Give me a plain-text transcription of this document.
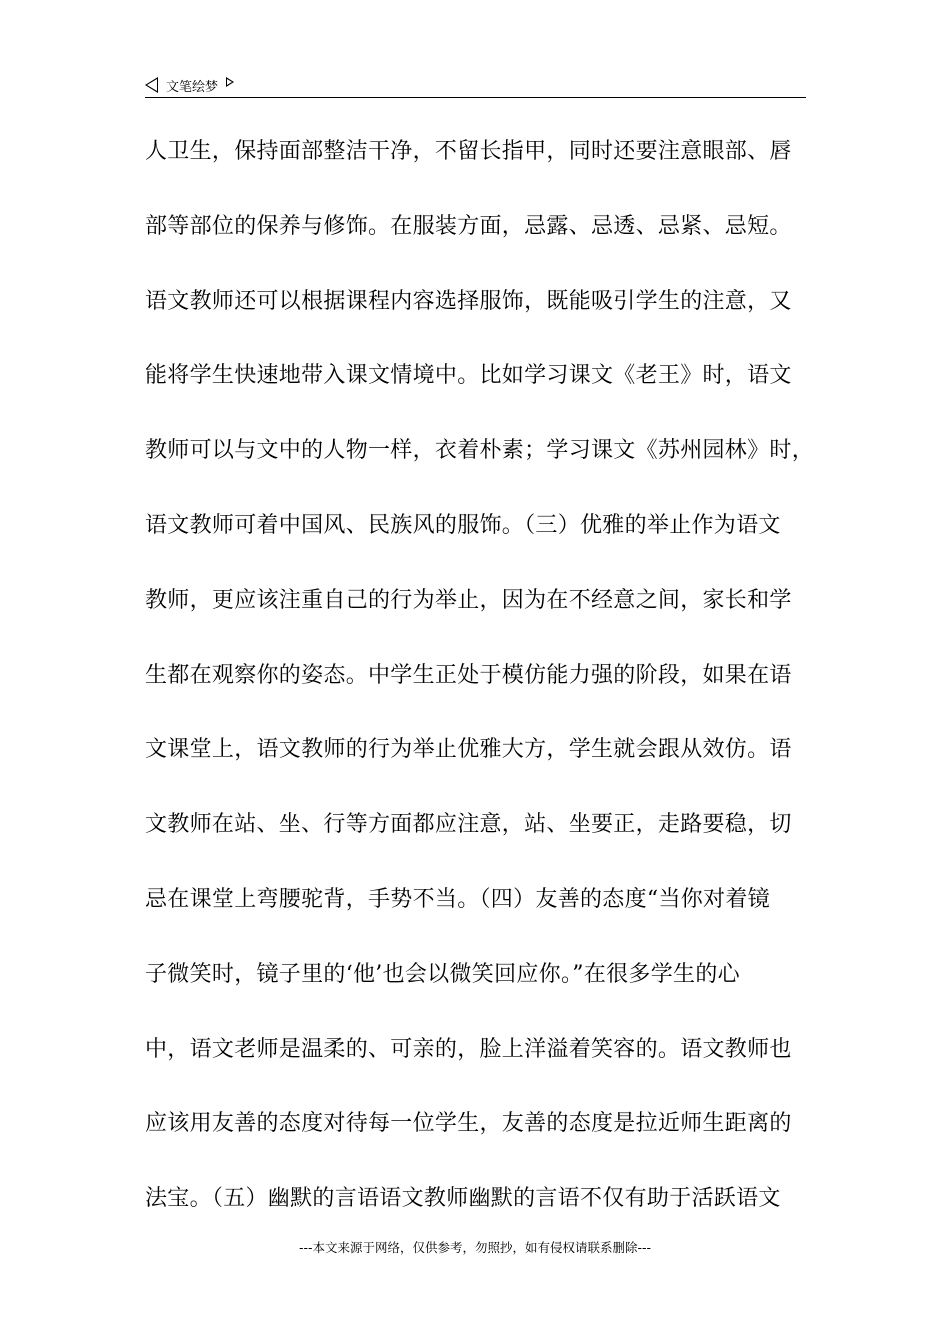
文笔绘梦
人卫生，保持面部整洁干净，不留长指甲，同时还要注意眼部、唇
部等部位的保养与修饰。在服装方面，忌露、忌透、忌紧、忌短。
语文教师还可以根据课程内容选择服饰，既能吸引学生的注意，又
能将学生快速地带入课文情境中。比如学习课文《老王》时，语文
教师可以与文中的人物一样，衣着朴素；学习课文《苏州园林》时，
语文教师可着中国风、民族风的服饰。（三）优雅的举止作为语文
教师，更应该注重自己的行为举止，因为在不经意之间，家长和学
生都在观察你的姿态。中学生正处于模仿能力强的阶段，如果在语
文课堂上，语文教师的行为举止优雅大方，学生就会跟从效仿。语
文教师在站、坐、行等方面都应注意，站、坐要正，走路要稳，切
忌在课堂上弯腰驼背，手势不当。（四）友善的态度“当你对着镜
子微笑时，镜子里的‘他’也会以微笑回应你。”在很多学生的心
中，语文老师是温柔的、可亲的，脸上洋溢着笑容的。语文教师也
应该用友善的态度对待每一位学生，友善的态度是拉近师生距离的
法宝。（五）幽默的言语语文教师幽默的言语不仅有助于活跃语文
---本文来源于网络，仅供参考，勿照抄，如有侵权请联系删除---
